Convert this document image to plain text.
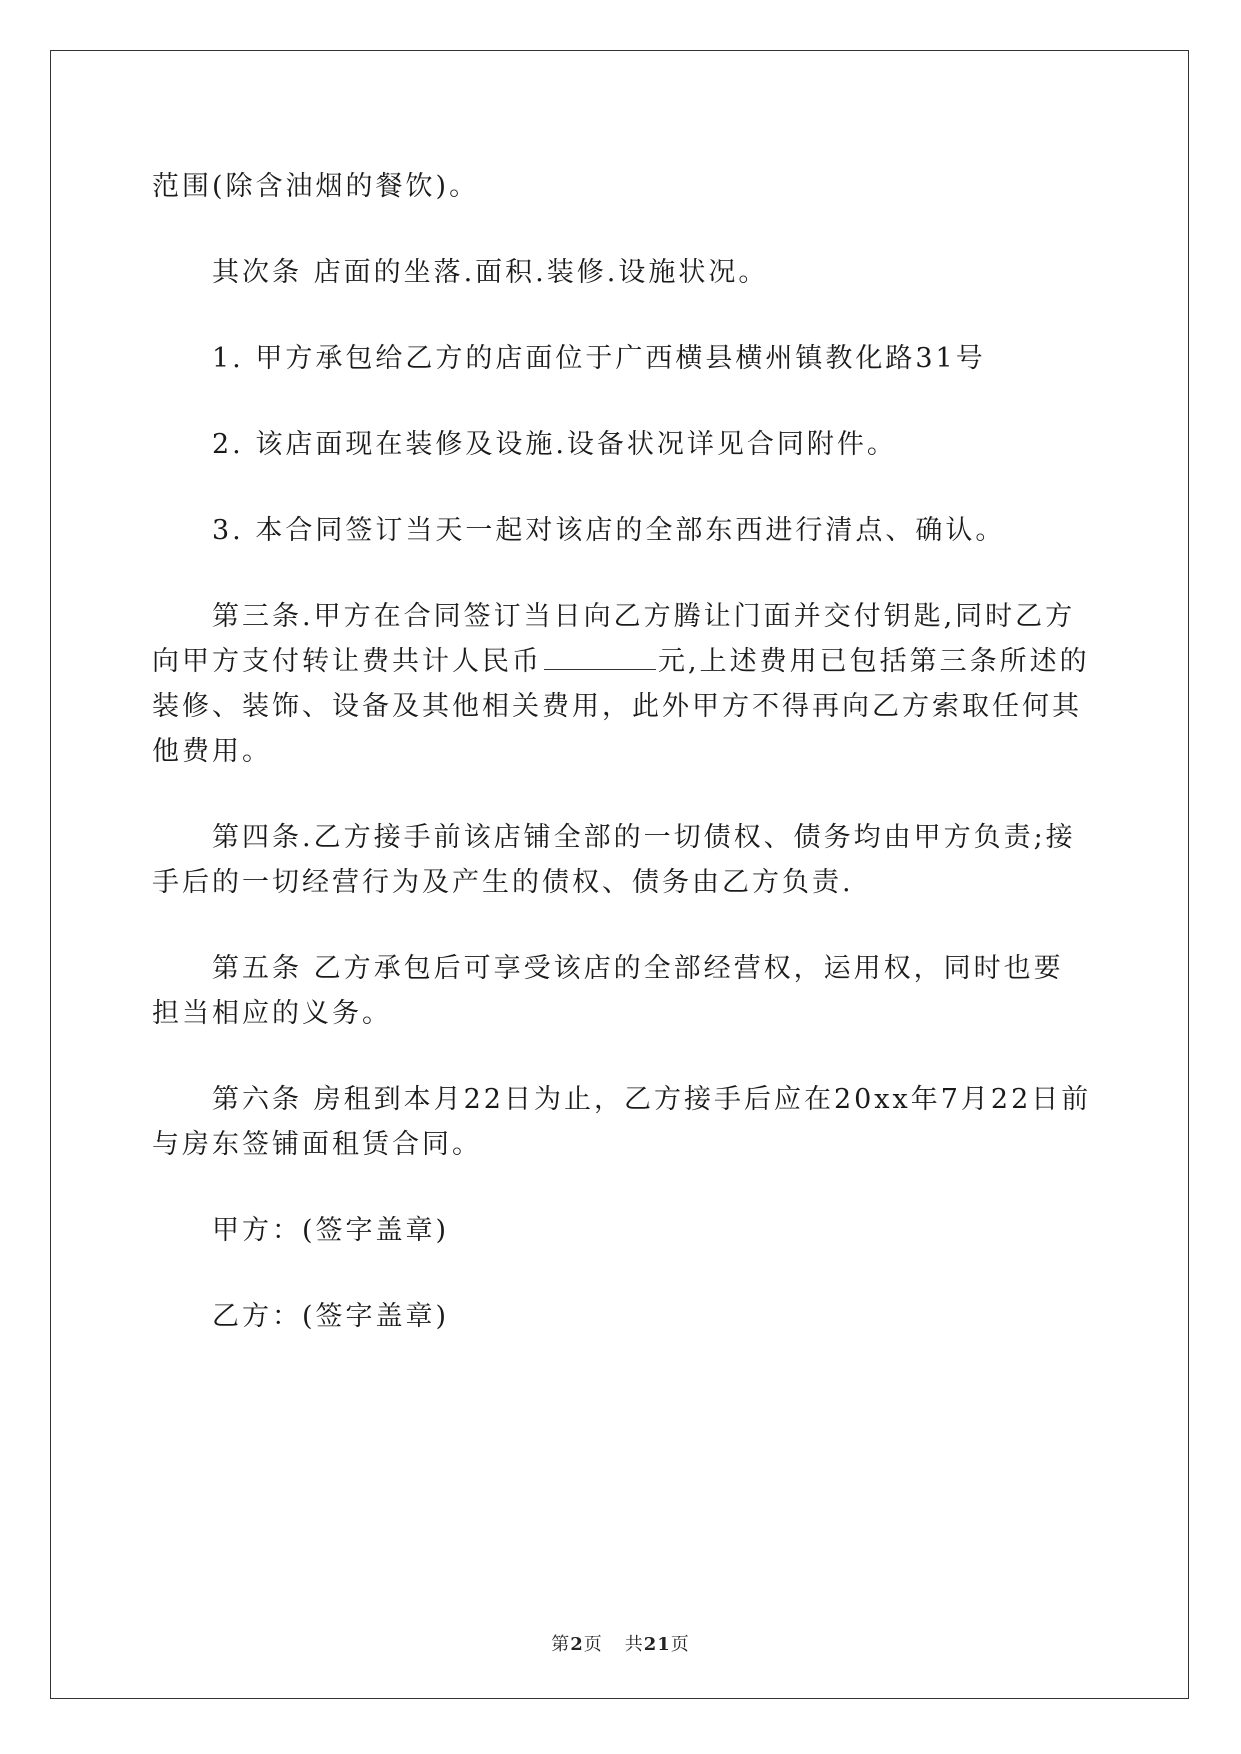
范围(除含油烟的餐饮)。

其次条 店面的坐落.面积.装修.设施状况。

1. 甲方承包给乙方的店面位于广西横县横州镇教化路31号

2. 该店面现在装修及设施.设备状况详见合同附件。

3. 本合同签订当天一起对该店的全部东西进行清点、确认。

第三条.甲方在合同签订当日向乙方腾让门面并交付钥匙,同时乙方向甲方支付转让费共计人民币	元,上述费用已包括第三条所述的装修、装饰、设备及其他相关费用，此外甲方不得再向乙方索取任何其他费用。

第四条.乙方接手前该店铺全部的一切债权、债务均由甲方负责;接手后的一切经营行为及产生的债权、债务由乙方负责.

第五条 乙方承包后可享受该店的全部经营权，运用权，同时也要担当相应的义务。

第六条 房租到本月22日为止，乙方接手后应在20xx年7月22日前与房东签铺面租赁合同。

甲方：(签字盖章)

乙方：(签字盖章)

第2页 共21页
